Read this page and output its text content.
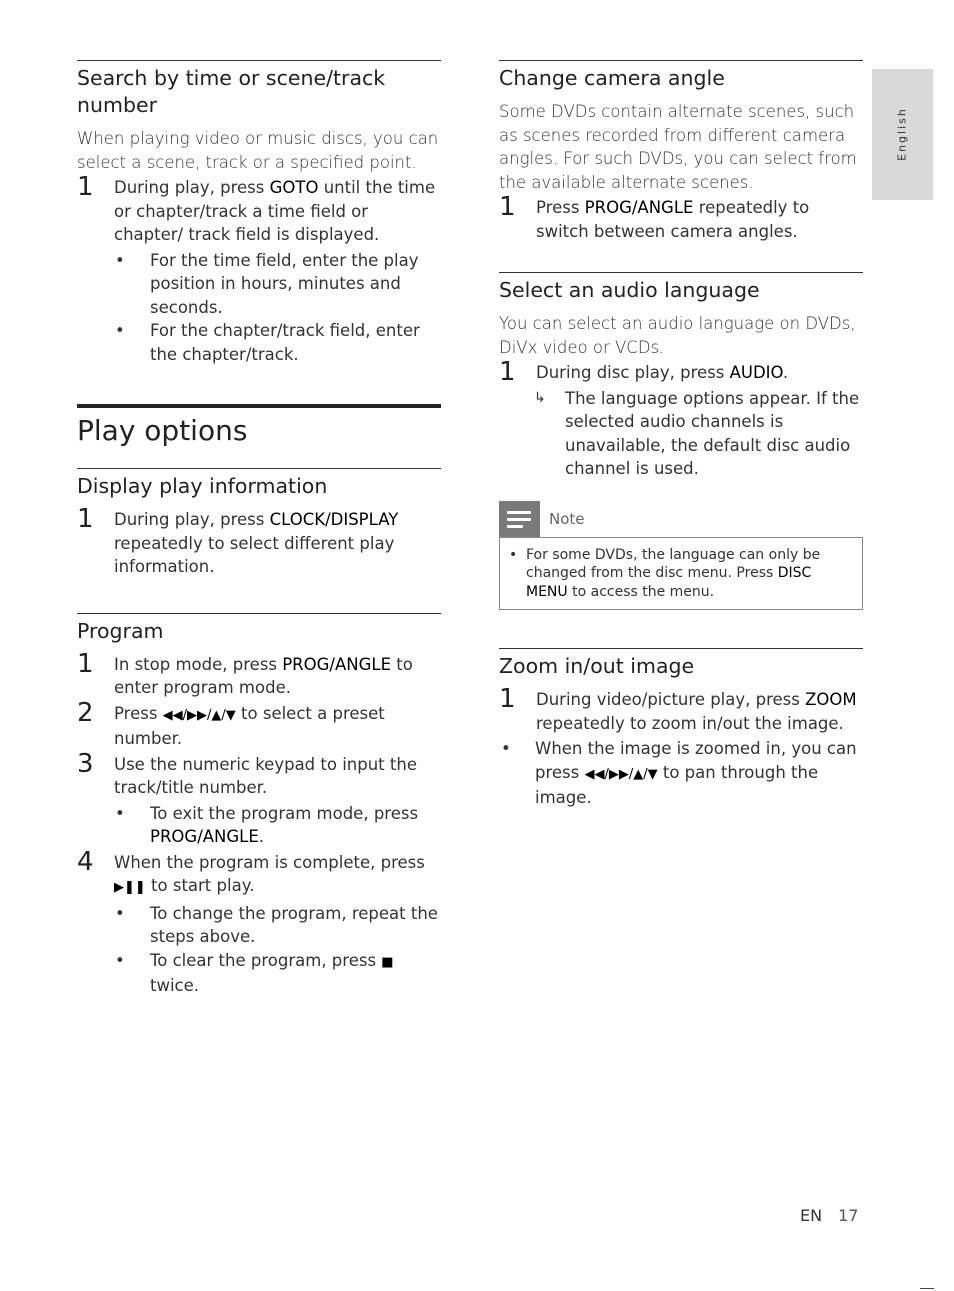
English
Search by time or scene/track number

When playing video or music discs, you can select a scene, track or a specified point.

1 During play, press GOTO until the time or chapter/track a time field or chapter/ track field is displayed.
• For the time field, enter the play position in hours, minutes and seconds.
• For the chapter/track field, enter the chapter/track.
Play options
Display play information
1 During play, press CLOCK/DISPLAY repeatedly to select different play information.
Program
1 In stop mode, press PROG/ANGLE to enter program mode.
2 Press ◀◀/▶▶/▲/▼ to select a preset number.
3 Use the numeric keypad to input the track/title number.
• To exit the program mode, press PROG/ANGLE.
4 When the program is complete, press ▶❚❚ to start play.
• To change the program, repeat the steps above.
• To clear the program, press ■ twice.
Change camera angle

Some DVDs contain alternate scenes, such as scenes recorded from different camera angles. For such DVDs, you can select from the available alternate scenes.

1 Press PROG/ANGLE repeatedly to switch between camera angles.
Select an audio language

You can select an audio language on DVDs, DiVx video or VCDs.

1 During disc play, press AUDIO.
↳ The language options appear. If the selected audio channels is unavailable, the default disc audio channel is used.
Note
• For some DVDs, the language can only be changed from the disc menu. Press DISC MENU to access the menu.
Zoom in/out image
1 During video/picture play, press ZOOM repeatedly to zoom in/out the image.
• When the image is zoomed in, you can press ◀◀/▶▶/▲/▼ to pan through the image.
EN 17
